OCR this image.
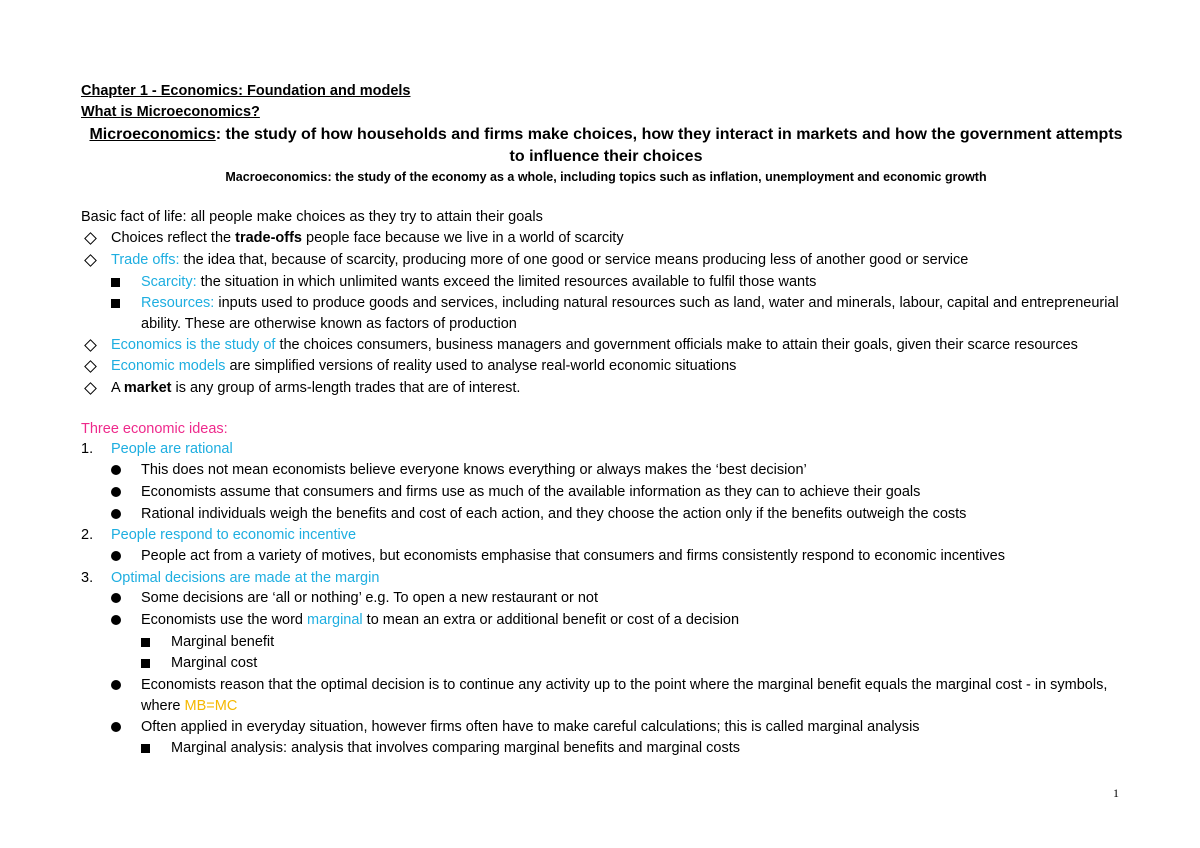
Chapter 1 - Economics: Foundation and models
What is Microeconomics?
Microeconomics: the study of how households and firms make choices, how they interact in markets and how the government attempts to influence their choices
Macroeconomics: the study of the economy as a whole, including topics such as inflation, unemployment and economic growth
Basic fact of life: all people make choices as they try to attain their goals
Choices reflect the trade-offs people face because we live in a world of scarcity
Trade offs: the idea that, because of scarcity, producing more of one good or service means producing less of another good or service
Scarcity: the situation in which unlimited wants exceed the limited resources available to fulfil those wants
Resources: inputs used to produce goods and services, including natural resources such as land, water and minerals, labour, capital and entrepreneurial ability. These are otherwise known as factors of production
Economics is the study of the choices consumers, business managers and government officials make to attain their goals, given their scarce resources
Economic models are simplified versions of reality used to analyse real-world economic situations
A market is any group of arms-length trades that are of interest.
Three economic ideas:
1.	People are rational
This does not mean economists believe everyone knows everything or always makes the ‘best decision’
Economists assume that consumers and firms use as much of the available information as they can to achieve their goals
Rational individuals weigh the benefits and cost of each action, and they choose the action only if the benefits outweigh the costs
2.	People respond to economic incentive
People act from a variety of motives, but economists emphasise that consumers and firms consistently respond to economic incentives
3.	Optimal decisions are made at the margin
Some decisions are ‘all or nothing’ e.g. To open a new restaurant or not
Economists use the word marginal to mean an extra or additional benefit or cost of a decision
Marginal benefit
Marginal cost
Economists reason that the optimal decision is to continue any activity up to the point where the marginal benefit equals the marginal cost - in symbols, where MB=MC
Often applied in everyday situation, however firms often have to make careful calculations; this is called marginal analysis
Marginal analysis: analysis that involves comparing marginal benefits and marginal costs
1
